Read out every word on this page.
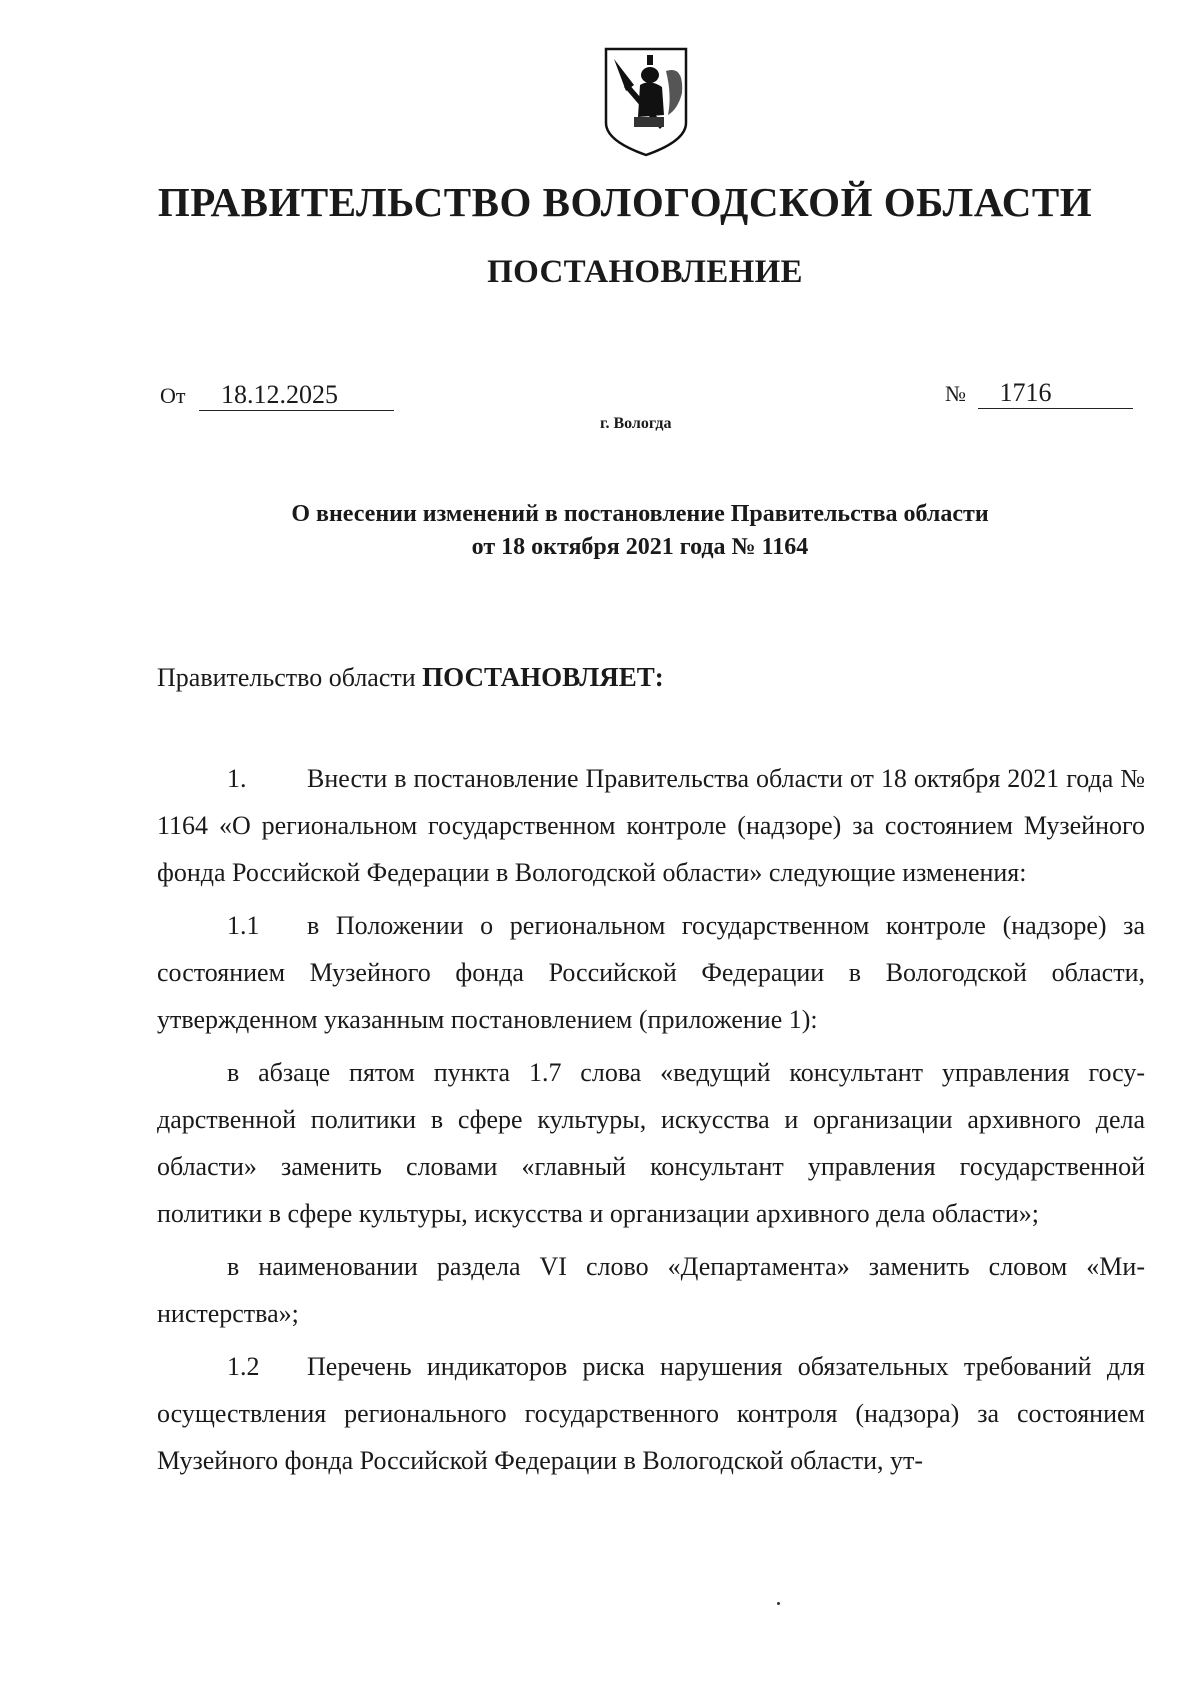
ПРАВИТЕЛЬСТВО ВОЛОГОДСКОЙ ОБЛАСТИ
ПОСТАНОВЛЕНИЕ
От 18.12.2025	№ 1716
г. Вологда
О внесении изменений в постановление Правительства области
от 18 октября 2021 года № 1164
Правительство области ПОСТАНОВЛЯЕТ:

1. Внести в постановление Правительства области от 18 октября 2021 года № 1164 «О региональном государственном контроле (надзоре) за состоянием Музейного фонда Российской Федерации в Вологодской области» следующие изменения:

1.1 в Положении о региональном государственном контроле (надзоре) за состоянием Музейного фонда Российской Федерации в Вологодской области, утвержденном указанным постановлением (приложение 1):

в абзаце пятом пункта 1.7 слова «ведущий консультант управления государственной политики в сфере культуры, искусства и организации архивного дела области» заменить словами «главный консультант управления государственной политики в сфере культуры, искусства и организации архивного дела области»;

в наименовании раздела VI слово «Департамента» заменить словом «Министерства»;

1.2 Перечень индикаторов риска нарушения обязательных требований для осуществления регионального государственного контроля (надзора) за состоянием Музейного фонда Российской Федерации в Вологодской области, ут-
